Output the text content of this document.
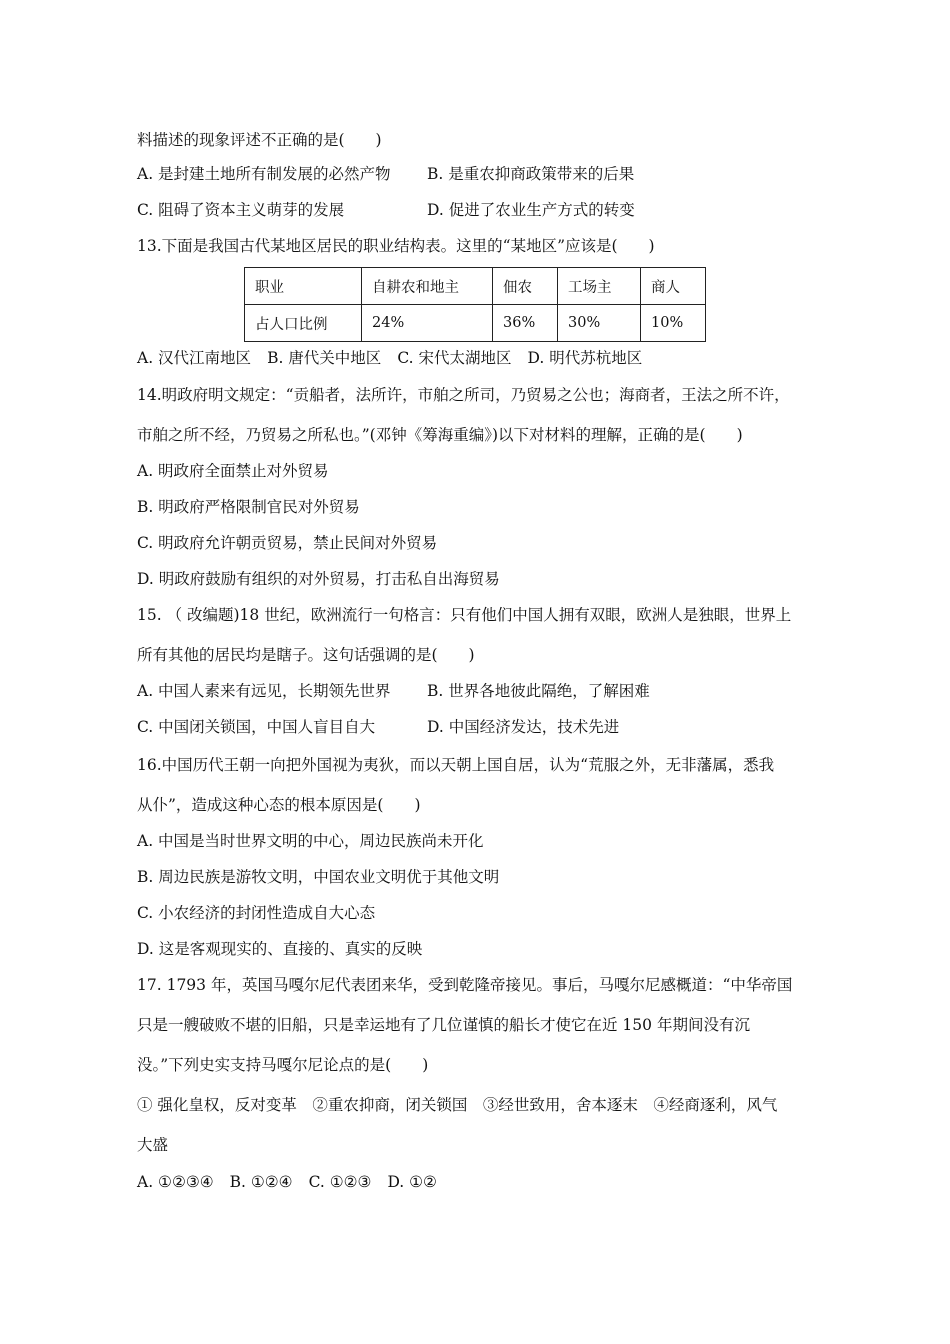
料描述的现象评述不正确的是(　　)
A. 是封建土地所有制发展的必然产物 B. 是重农抑商政策带来的后果
C. 阻碍了资本主义萌芽的发展	D. 促进了农业生产方式的转变
13.下面是我国古代某地区居民的职业结构表。这里的“某地区”应该是(　　)
职业	自耕农和地主	佃农	工场主	商人
占人口比例	24%	36%	30%	10%
A. 汉代江南地区 B. 唐代关中地区 C. 宋代太湖地区 D. 明代苏杭地区
14.明政府明文规定：“贡船者，法所许，市舶之所司，乃贸易之公也；海商者，王法之所不许，
市舶之所不经，乃贸易之所私也。”(邓钟《筹海重编》)以下对材料的理解，正确的是(　　)
A. 明政府全面禁止对外贸易
B. 明政府严格限制官民对外贸易
C. 明政府允许朝贡贸易，禁止民间对外贸易
D. 明政府鼓励有组织的对外贸易，打击私自出海贸易
15. （ 改编题)18 世纪，欧洲流行一句格言：只有他们中国人拥有双眼，欧洲人是独眼，世界上
所有其他的居民均是瞎子。这句话强调的是(　　)
A. 中国人素来有远见，长期领先世界 B. 世界各地彼此隔绝，了解困难
C. 中国闭关锁国，中国人盲目自大	D. 中国经济发达，技术先进
16.中国历代王朝一向把外国视为夷狄，而以天朝上国自居，认为“荒服之外，无非藩属，悉我
从仆”，造成这种心态的根本原因是(　　)
A. 中国是当时世界文明的中心，周边民族尚未开化
B. 周边民族是游牧文明，中国农业文明优于其他文明
C. 小农经济的封闭性造成自大心态
D. 这是客观现实的、直接的、真实的反映
17. 1793 年，英国马嘎尔尼代表团来华，受到乾隆帝接见。事后，马嘎尔尼感概道：“中华帝国
只是一艘破败不堪的旧船，只是幸运地有了几位谨慎的船长才使它在近 150 年期间没有沉
没。”下列史实支持马嘎尔尼论点的是(　　)
① 强化皇权，反对变革　②重农抑商，闭关锁国　③经世致用，舍本逐末　④经商逐利，风气
大盛
A. ①②③④ B. ①②④ C. ①②③ D. ①②
